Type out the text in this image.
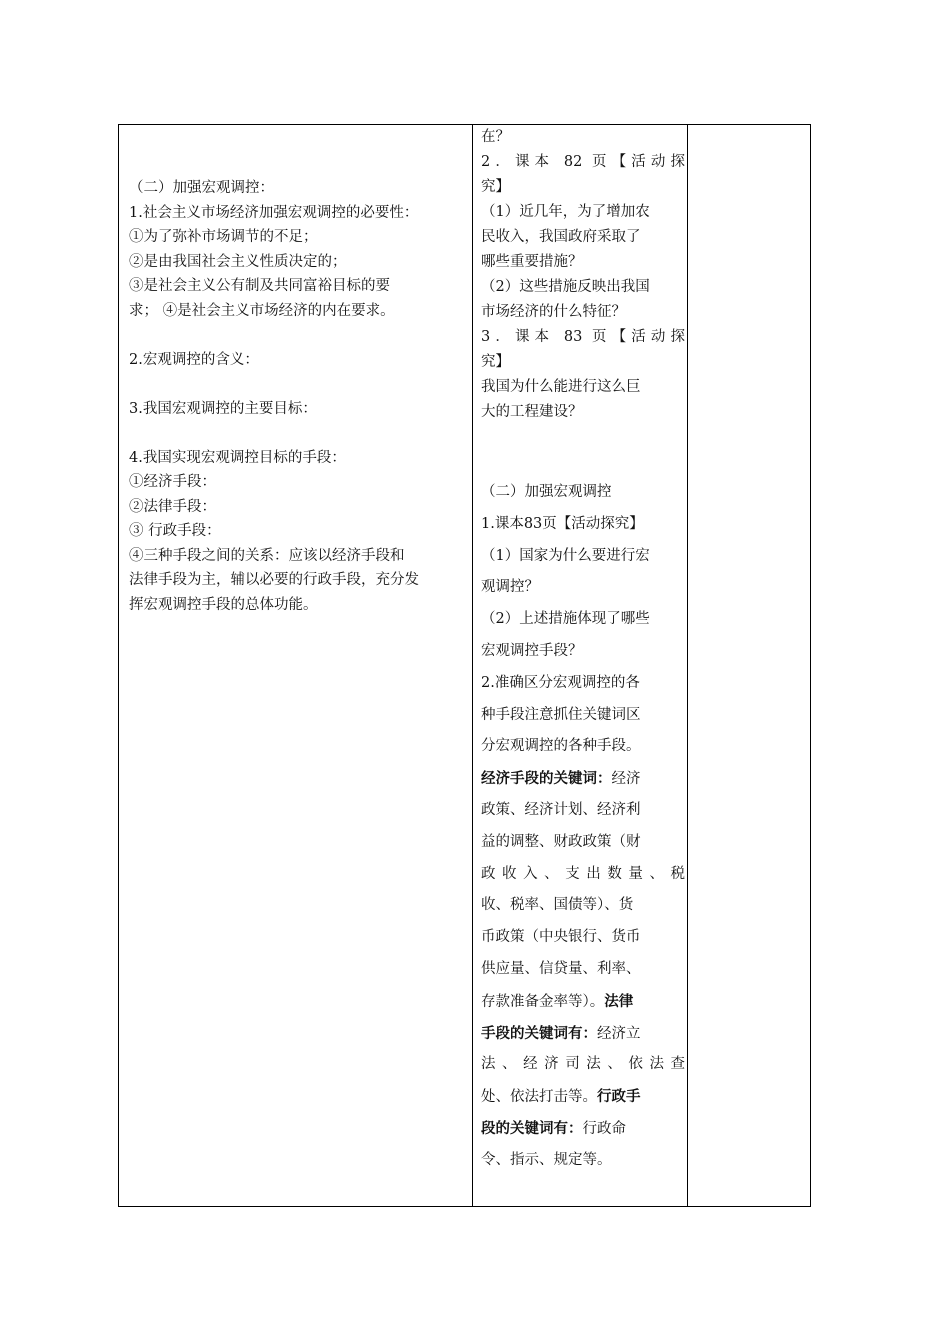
（二）加强宏观调控：
1.社会主义市场经济加强宏观调控的必要性：
①为了弥补市场调节的不足；
②是由我国社会主义性质决定的；
③是社会主义公有制及共同富裕目标的要
求； ④是社会主义市场经济的内在要求。
2.宏观调控的含义：
3.我国宏观调控的主要目标：
4.我国实现宏观调控目标的手段：
①经济手段：
②法律手段：
③ 行政手段：
④三种手段之间的关系：应该以经济手段和
法律手段为主，辅以必要的行政手段，充分发
挥宏观调控手段的总体功能。
在？
2．课本 82 页【活动探
究】
（1）近几年，为了增加农
民收入，我国政府采取了
哪些重要措施？
（2）这些措施反映出我国
市场经济的什么特征？
3．课本 83 页【活动探
究】
我国为什么能进行这么巨
大的工程建设？
（二）加强宏观调控
1.课本83页【活动探究】
（1）国家为什么要进行宏
观调控？
（2）上述措施体现了哪些
宏观调控手段？
2.准确区分宏观调控的各
种手段注意抓住关键词区
分宏观调控的各种手段。
经济手段的关键词：经济
政策、经济计划、经济利
益的调整、财政政策（财
政收入、支出数量、税
收、税率、国债等）、货
币政策（中央银行、货币
供应量、信贷量、利率、
存款准备金率等）。法律
手段的关键词有：经济立
法、经济司法、依法查
处、依法打击等。行政手
段的关键词有：行政命
令、指示、规定等。
